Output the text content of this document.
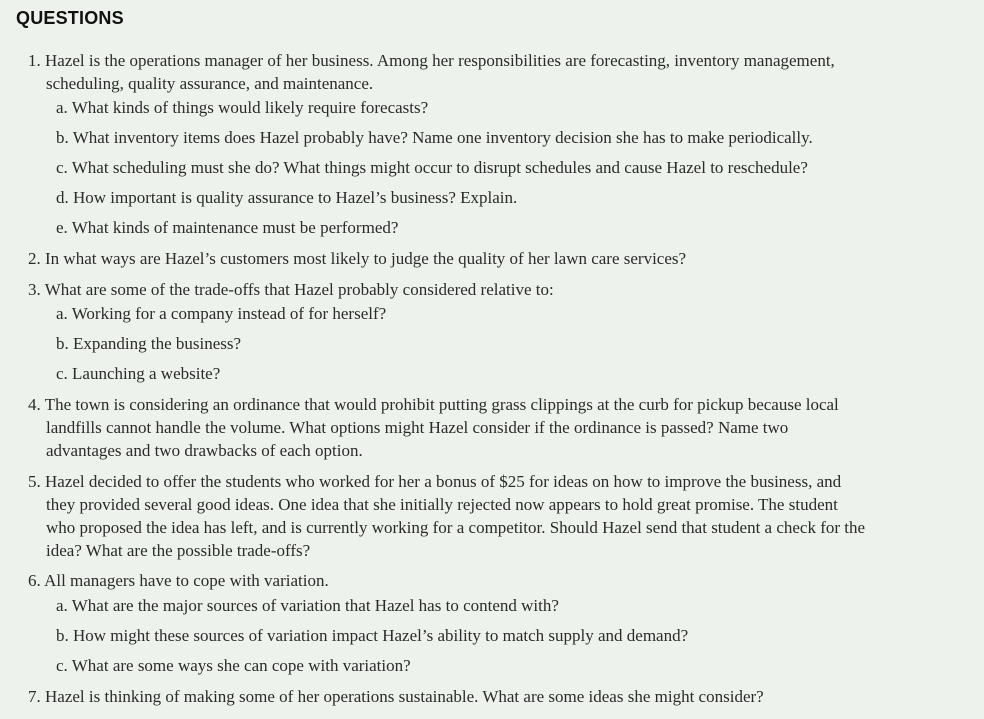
QUESTIONS
1. Hazel is the operations manager of her business. Among her responsibilities are forecasting, inventory management,
scheduling, quality assurance, and maintenance.
a. What kinds of things would likely require forecasts?
b. What inventory items does Hazel probably have? Name one inventory decision she has to make periodically.
c. What scheduling must she do? What things might occur to disrupt schedules and cause Hazel to reschedule?
d. How important is quality assurance to Hazel’s business? Explain.
e. What kinds of maintenance must be performed?
2. In what ways are Hazel’s customers most likely to judge the quality of her lawn care services?
3. What are some of the trade-offs that Hazel probably considered relative to:
a. Working for a company instead of for herself?
b. Expanding the business?
c. Launching a website?
4. The town is considering an ordinance that would prohibit putting grass clippings at the curb for pickup because local
landfills cannot handle the volume. What options might Hazel consider if the ordinance is passed? Name two
advantages and two drawbacks of each option.
5. Hazel decided to offer the students who worked for her a bonus of $25 for ideas on how to improve the business, and
they provided several good ideas. One idea that she initially rejected now appears to hold great promise. The student
who proposed the idea has left, and is currently working for a competitor. Should Hazel send that student a check for the
idea? What are the possible trade-offs?
6. All managers have to cope with variation.
a. What are the major sources of variation that Hazel has to contend with?
b. How might these sources of variation impact Hazel’s ability to match supply and demand?
c. What are some ways she can cope with variation?
7. Hazel is thinking of making some of her operations sustainable. What are some ideas she might consider?
